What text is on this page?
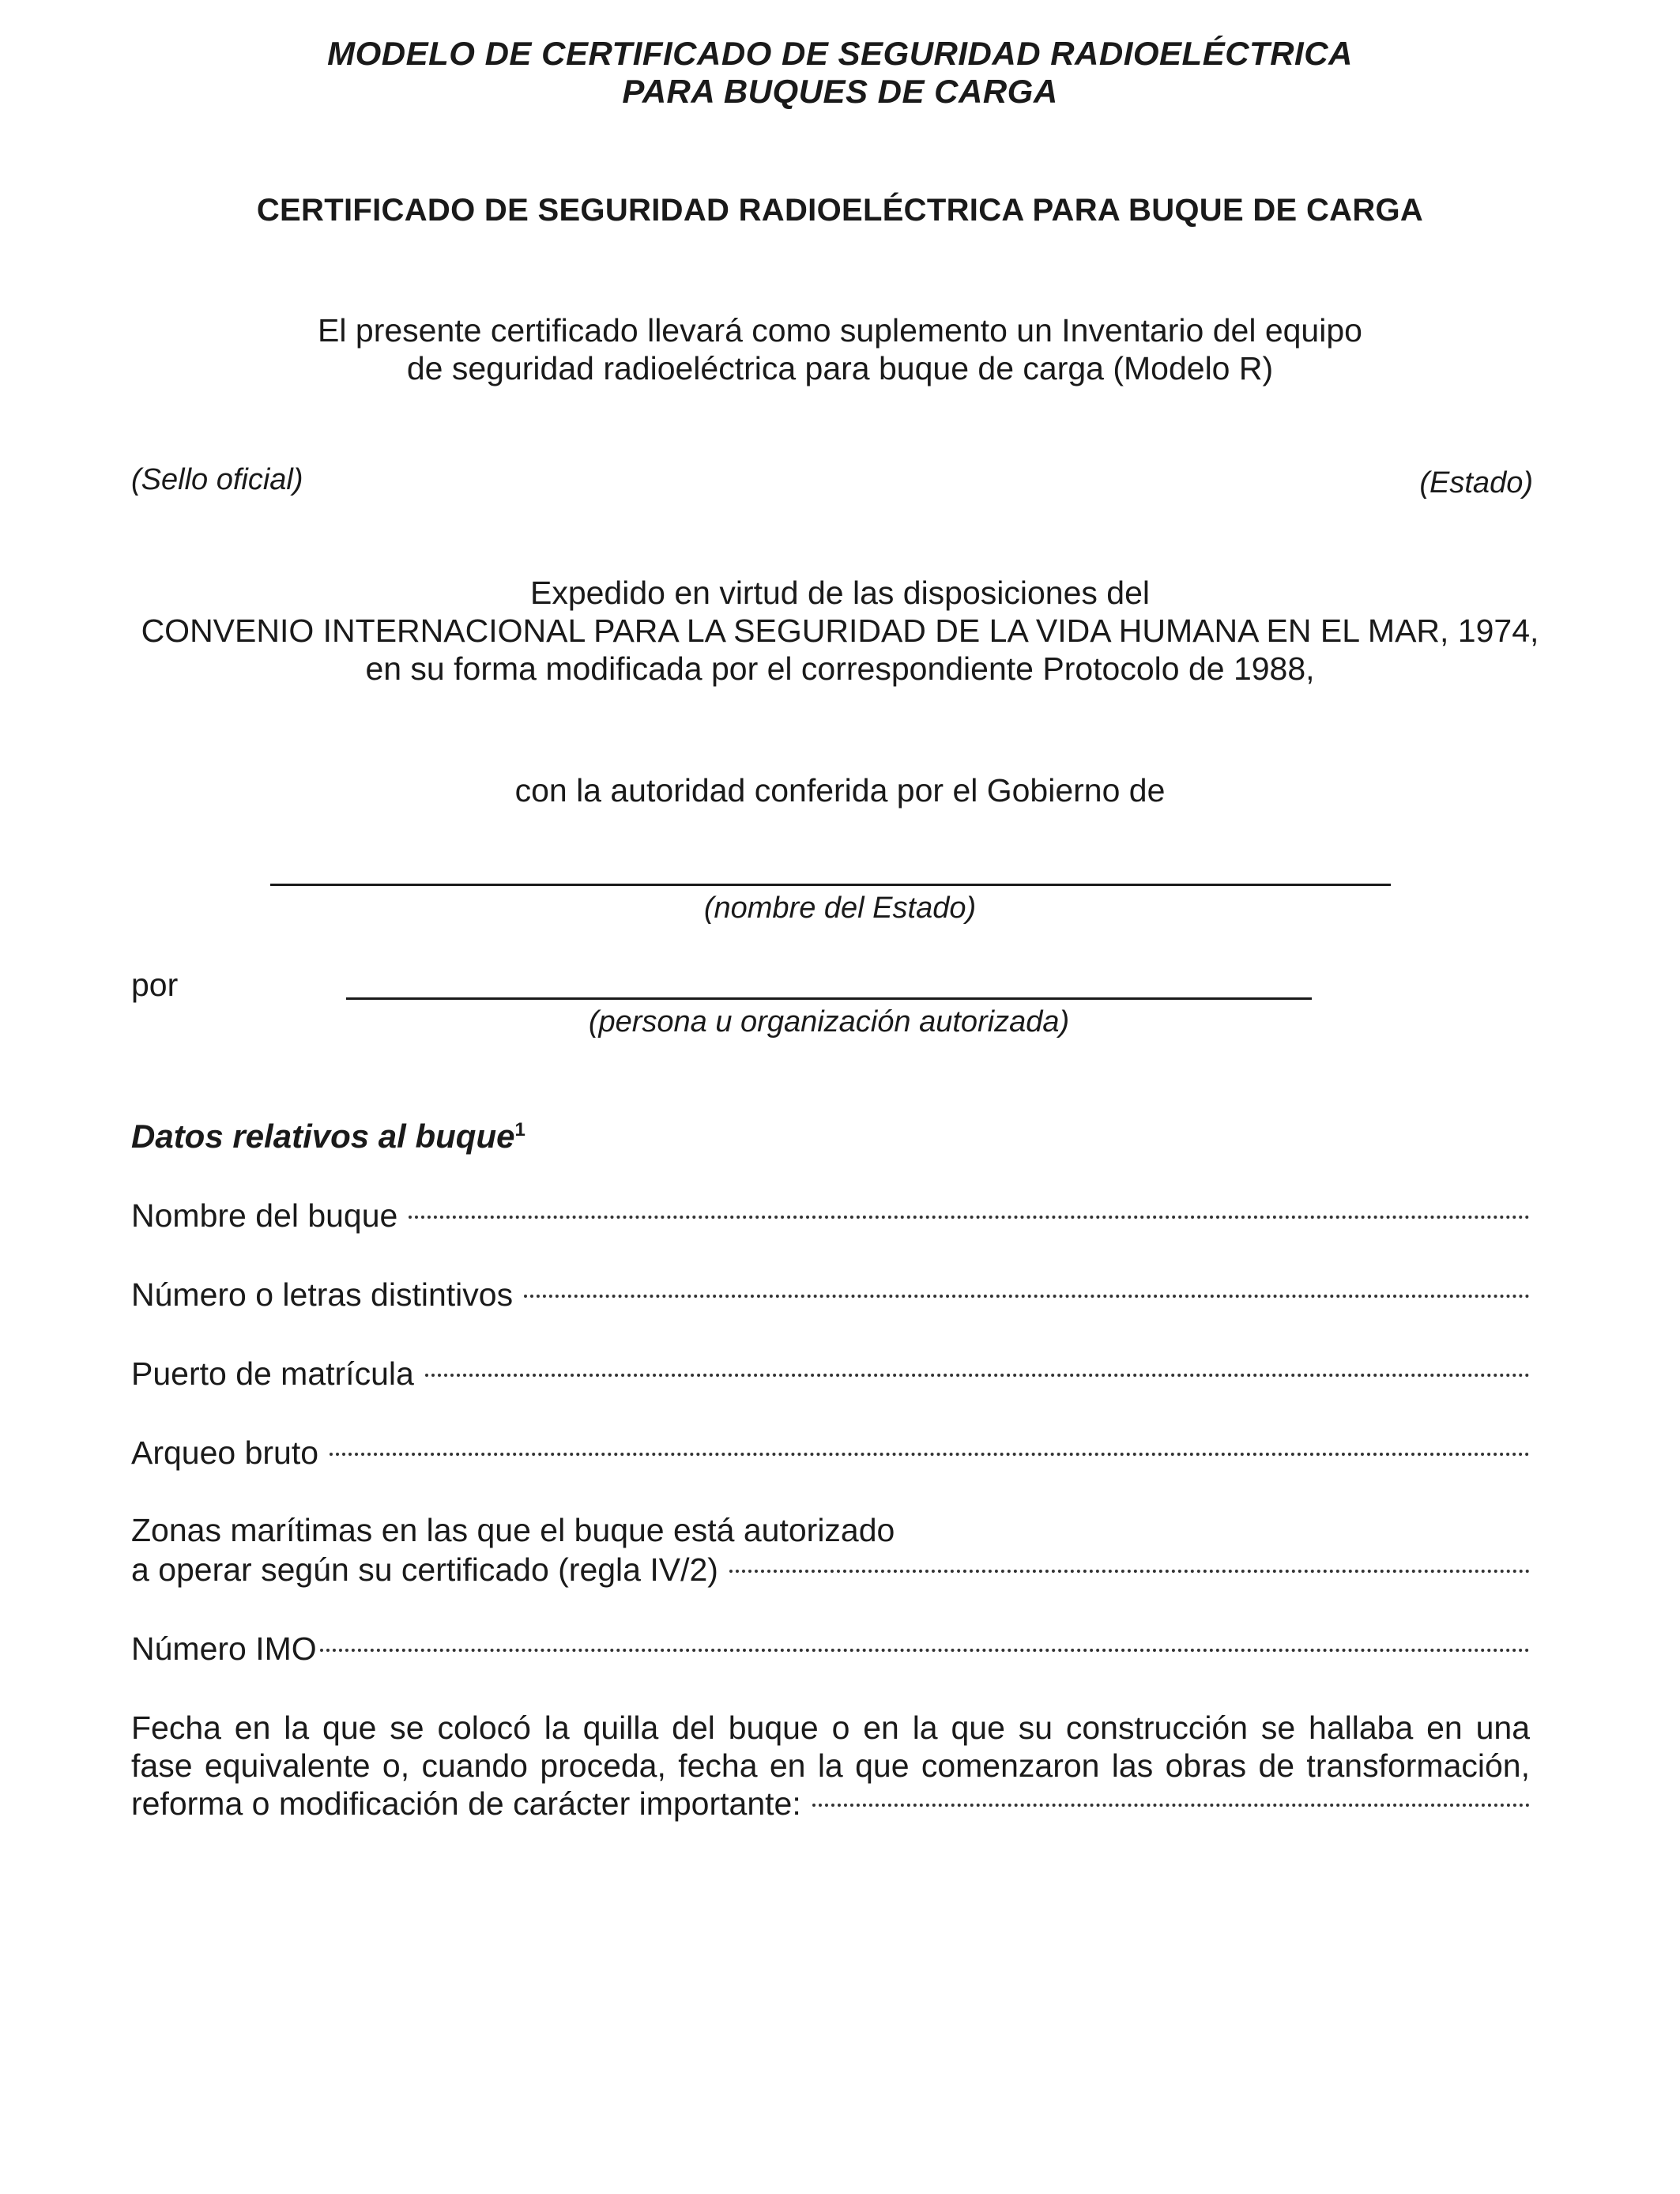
MODELO DE CERTIFICADO DE SEGURIDAD RADIOELÉCTRICA
PARA BUQUES DE CARGA
CERTIFICADO DE SEGURIDAD RADIOELÉCTRICA PARA BUQUE DE CARGA
El presente certificado llevará como suplemento un Inventario del equipo
de seguridad radioeléctrica para buque de carga (Modelo R)
(Sello oficial)	(Estado)
Expedido en virtud de las disposiciones del
CONVENIO INTERNACIONAL PARA LA SEGURIDAD DE LA VIDA HUMANA EN EL MAR, 1974,
en su forma modificada por el correspondiente Protocolo de 1988,
con la autoridad conferida por el Gobierno de
(nombre del Estado)
por
(persona u organización autorizada)
Datos relativos al buque$^1$
Nombre del buque
Número o letras distintivos
Puerto de matrícula
Arqueo bruto
Zonas marítimas en las que el buque está autorizado
a operar según su certificado (regla IV/2)
Número IMO
Fecha en la que se colocó la quilla del buque o en la que su construcción se hallaba en una
fase equivalente o, cuando proceda, fecha en la que comenzaron las obras de transformación,
reforma o modificación de carácter importante:
